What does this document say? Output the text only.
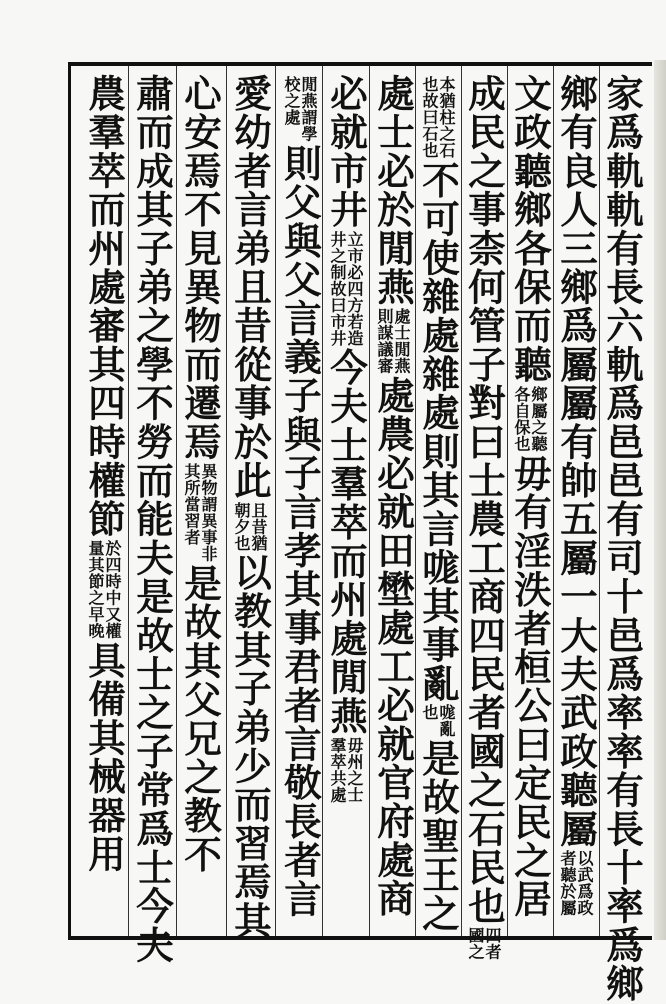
家爲軌軌有長六軌爲邑邑有司十邑爲率率有長十率爲鄉
鄉有良人三鄉爲屬屬有帥五屬一大夫武政聽屬
以武爲政
者聽於屬
文政聽鄉各保而聽
鄉屬之聽
各自保也
毋有淫泆者桓公曰定民之居
成民之事柰何管子對曰士農工商四民者國之石民也
四者
國之
本猶柱之石
也故曰石也
不可使雜處雜處則其言哤其事亂
哤亂
也
是故聖王之
處士必於閒燕
處士閒燕
則謀議審
處農必就田壄處工必就官府處商
必就市井
立市必四方若造
井之制故曰市井
今夫士羣萃而州處閒燕
毋州之士
羣萃共處
閒燕謂學
校之處
則父與父言義子與子言孝其事君者言敬長者言
愛幼者言弟且昔從事於此
且昔猶
朝夕也
以教其子弟少而習焉其
心安焉不見異物而遷焉
異物謂異事非
其所當習者
是故其父兄之教不
肅而成其子弟之學不勞而能夫是故士之子常爲士今夫
農羣萃而州處審其四時權節
於四時中又權
量其節之早晚
具備其械器用
